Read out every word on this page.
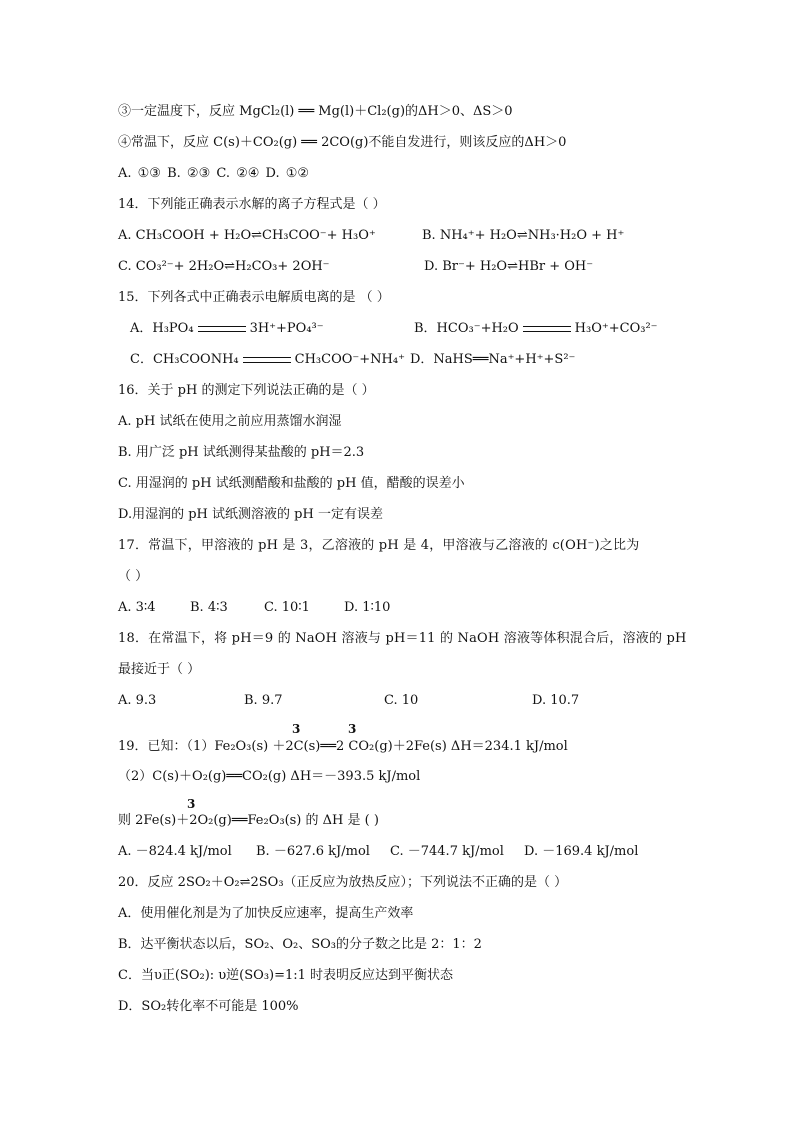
③一定温度下，反应 MgCl₂(l) ══ Mg(l)＋Cl₂(g)的ΔH＞0、ΔS＞0
④常温下，反应 C(s)＋CO₂(g) ══ 2CO(g)不能自发进行，则该反应的ΔH＞0
A. ①③ B. ②③ C. ②④ D. ①②
14．下列能正确表示水解的离子方程式是（ ）
A. CH₃COOH + H₂O⇌CH₃COO⁻+ H₃O⁺	B. NH₄⁺+ H₂O⇌NH₃·H₂O + H⁺
C. CO₃²⁻+ 2H₂O⇌H₂CO₃+ 2OH⁻	D. Br⁻+ H₂O⇌HBr + OH⁻
15．下列各式中正确表示电解质电离的是 （ ）
A．H₃PO₄	3H⁺+PO₄³⁻	B．HCO₃⁻+H₂O	H₃O⁺+CO₃²⁻
C．CH₃COONH₄	CH₃COO⁻+NH₄⁺ D．NaHS══Na⁺+H⁺+S²⁻
16．关于 pH 的测定下列说法正确的是（ ）
A. pH 试纸在使用之前应用蒸馏水润湿
B. 用广泛 pH 试纸测得某盐酸的 pH＝2.3
C. 用湿润的 pH 试纸测醋酸和盐酸的 pH 值，醋酸的误差小
D.用湿润的 pH 试纸测溶液的 pH 一定有误差
17．常温下，甲溶液的 pH 是 3，乙溶液的 pH 是 4，甲溶液与乙溶液的 c(OH⁻)之比为
（ ）
A. 3∶4	B. 4∶3	C. 10∶1	D. 1∶10
18．在常温下，将 pH＝9 的 NaOH 溶液与 pH＝11 的 NaOH 溶液等体积混合后，溶液的 pH
最接近于（ ）
A. 9.3	B. 9.7	C. 10	D. 10.7
3	3
19．已知：（1）Fe₂O₃(s) ＋2C(s)══2 CO₂(g)＋2Fe(s) ΔH＝234.1 kJ/mol
（2）C(s)＋O₂(g)══CO₂(g) ΔH＝－393.5 kJ/mol
3
则 2Fe(s)＋2O₂(g)══Fe₂O₃(s) 的 ΔH 是 ( )
A. －824.4 kJ/mol B. －627.6 kJ/mol C. －744.7 kJ/mol D. －169.4 kJ/mol
20．反应 2SO₂＋O₂⇌2SO₃（正反应为放热反应）；下列说法不正确的是（ ）
A．使用催化剂是为了加快反应速率，提高生产效率
B．达平衡状态以后，SO₂、O₂、SO₃的分子数之比是 2：1：2
C．当υ正(SO₂): υ逆(SO₃)=1:1 时表明反应达到平衡状态
D．SO₂转化率不可能是 100%
